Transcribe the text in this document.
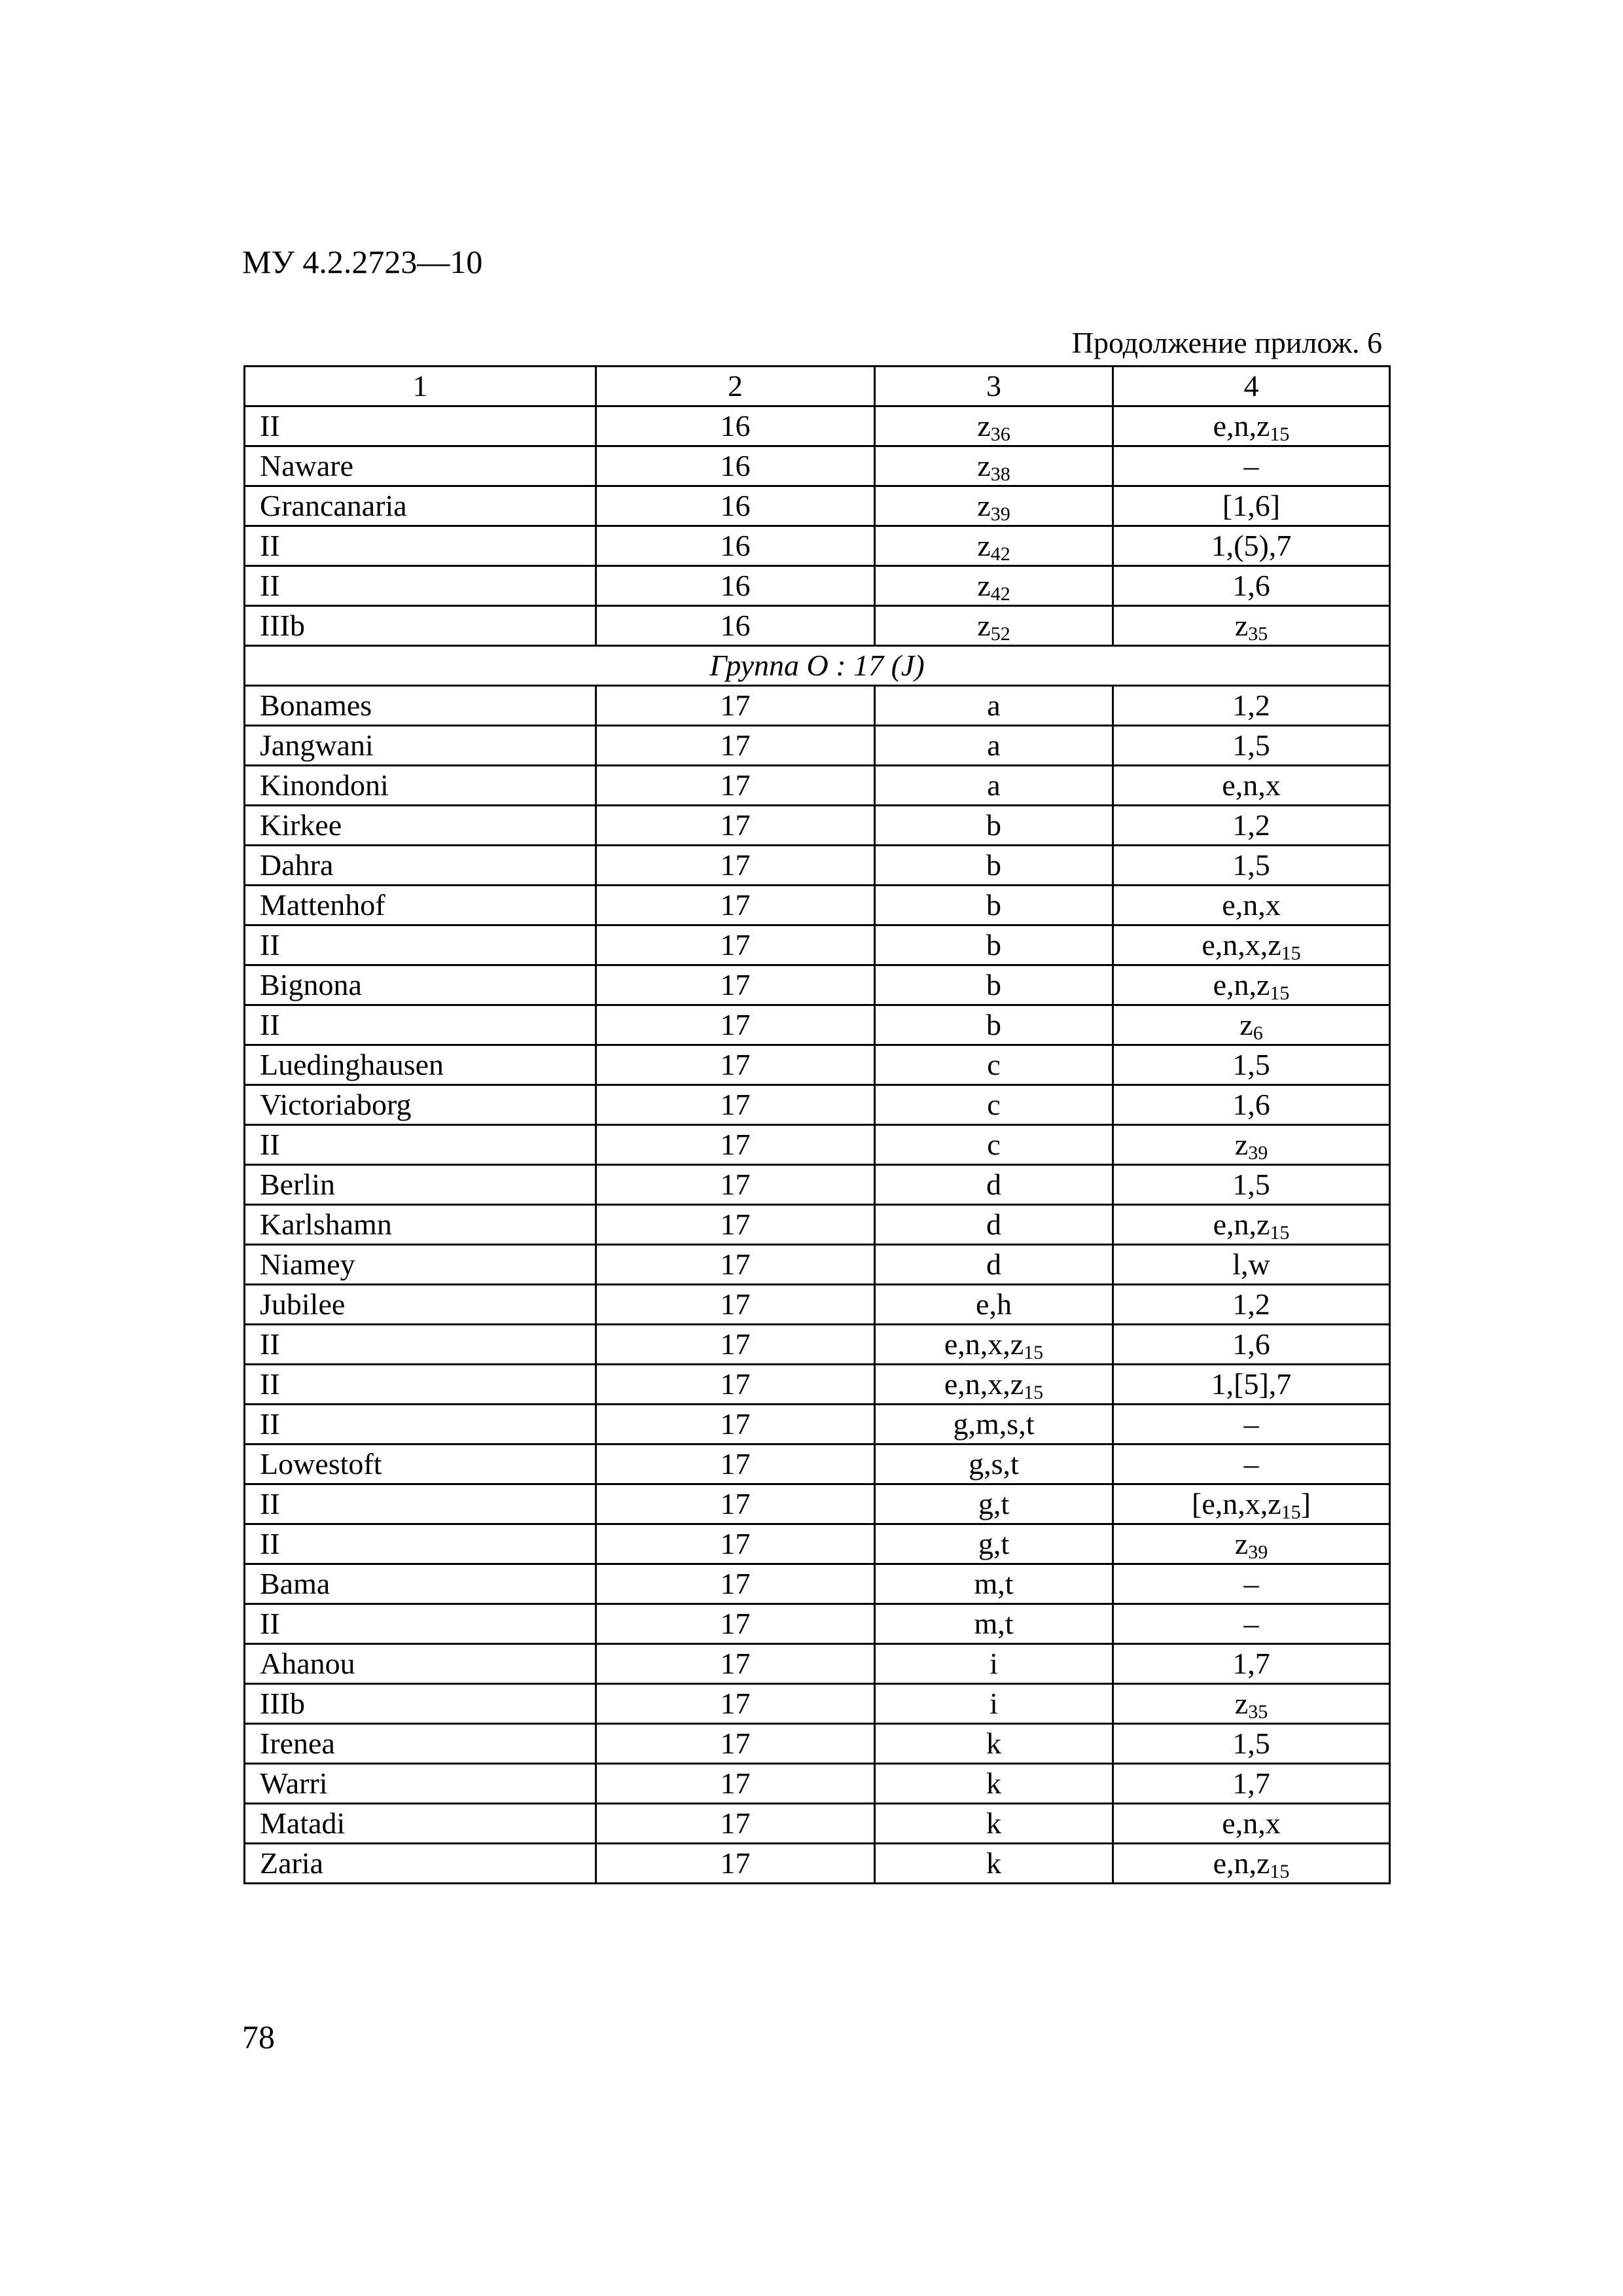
МУ 4.2.2723—10
Продолжение прилож. 6
1	2	3	4
II	16	$z_{36}$	$e,n,z_{15}$
Naware	16	$z_{38}$	–
Grancanaria	16	$z_{39}$	[1,6]
II	16	$z_{42}$	1,(5),7
II	16	$z_{42}$	1,6
IIIb	16	$z_{52}$	$z_{35}$
Группа O : 17 (J)			
Bonames	17	a	1,2
Jangwani	17	a	1,5
Kinondoni	17	a	e,n,x
Kirkee	17	b	1,2
Dahra	17	b	1,5
Mattenhof	17	b	e,n,x
II	17	b	$e,n,x,z_{15}$
Bignona	17	b	$e,n,z_{15}$
II	17	b	$z_6$
Luedinghausen	17	c	1,5
Victoriaborg	17	c	1,6
II	17	c	$z_{39}$
Berlin	17	d	1,5
Karlshamn	17	d	$e,n,z_{15}$
Niamey	17	d	l,w
Jubilee	17	e,h	1,2
II	17	$e,n,x,z_{15}$	1,6
II	17	$e,n,x,z_{15}$	1,[5],7
II	17	g,m,s,t	–
Lowestoft	17	g,s,t	–
II	17	g,t	$[e,n,x,z_{15}]$
II	17	g,t	$z_{39}$
Bama	17	m,t	–
II	17	m,t	–
Ahanou	17	i	1,7
IIIb	17	i	$z_{35}$
Irenea	17	k	1,5
Warri	17	k	1,7
Matadi	17	k	e,n,x
Zaria	17	k	$e,n,z_{15}$
78
